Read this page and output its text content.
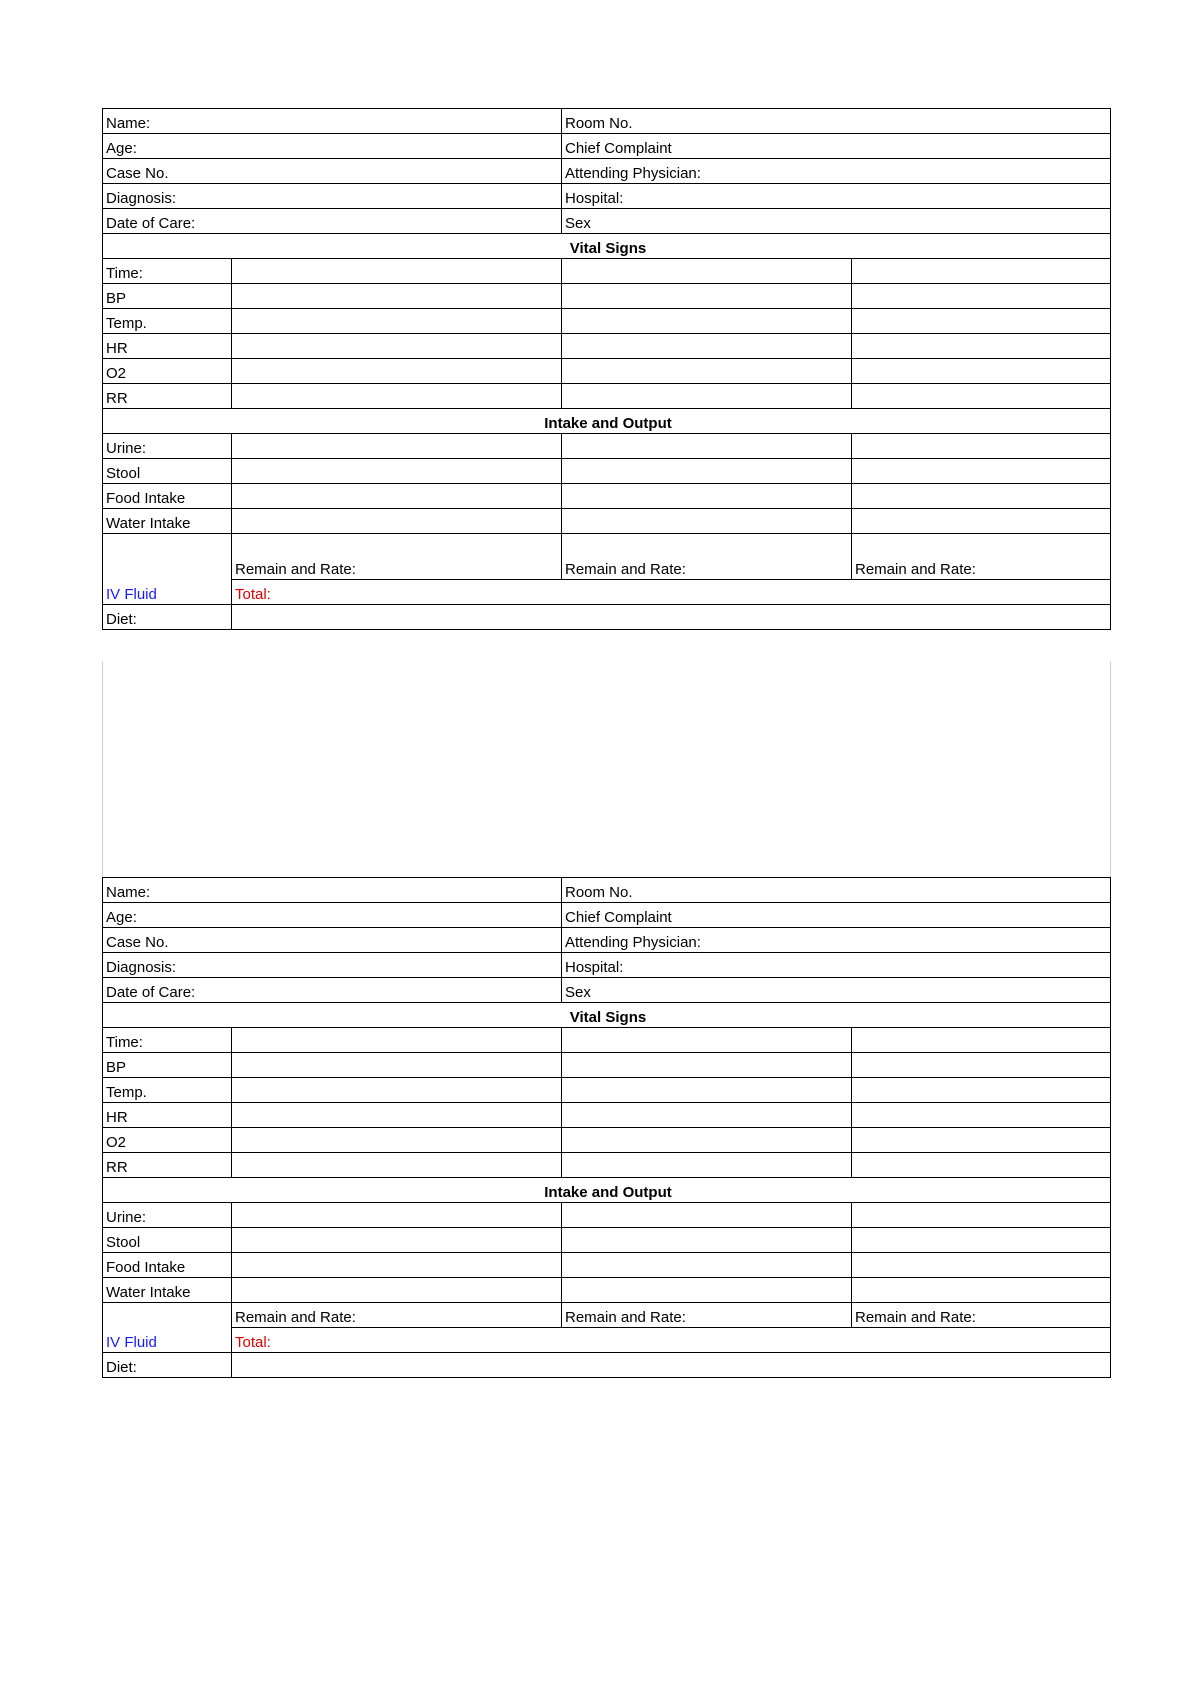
Name:		Room No.	
Age:		Chief Complaint	
Case No.		Attending Physician:	
Diagnosis:		Hospital:	
Date of Care:		Sex	
Vital Signs			
Time:			
BP			
Temp.			
HR			
O2			
RR			
Intake and Output			
Urine:			
Stool			
Food Intake			
Water Intake			
	Remain and Rate:	Remain and Rate:	Remain and Rate:
IV Fluid	Total:		
Diet:			
Name:		Room No.	
Age:		Chief Complaint	
Case No.		Attending Physician:	
Diagnosis:		Hospital:	
Date of Care:		Sex	
Vital Signs			
Time:			
BP			
Temp.			
HR			
O2			
RR			
Intake and Output			
Urine:			
Stool			
Food Intake			
Water Intake			
	Remain and Rate:	Remain and Rate:	Remain and Rate:
IV Fluid	Total:		
Diet:			
